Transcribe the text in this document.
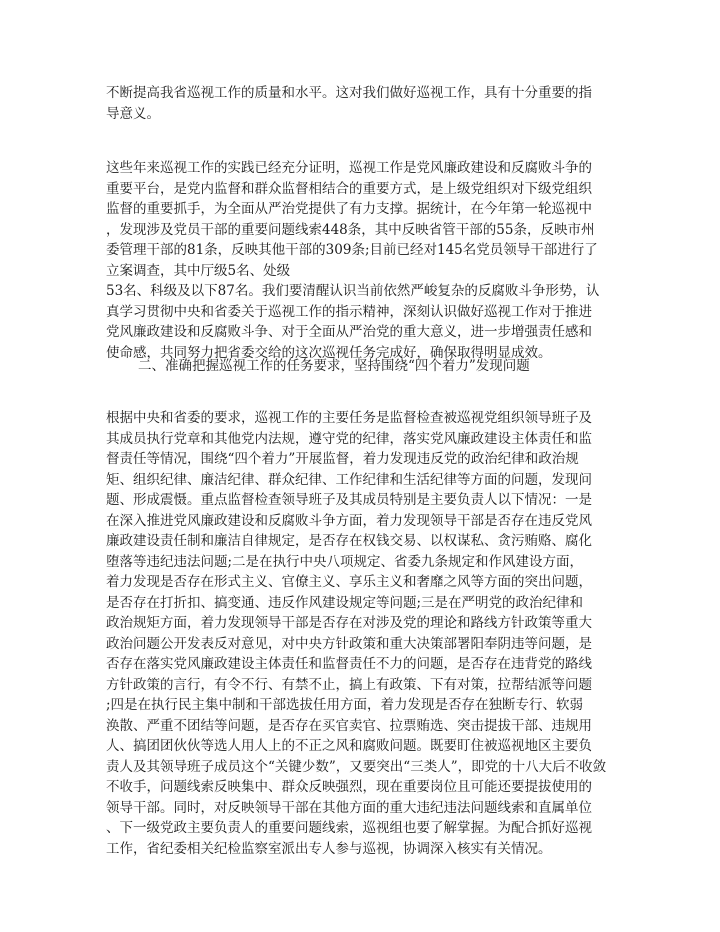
不断提高我省巡视工作的质量和水平。这对我们做好巡视工作，具有十分重要的指
导意义。
这些年来巡视工作的实践已经充分证明，巡视工作是党风廉政建设和反腐败斗争的
重要平台，是党内监督和群众监督相结合的重要方式，是上级党组织对下级党组织
监督的重要抓手，为全面从严治党提供了有力支撑。据统计，在今年第一轮巡视中
，发现涉及党员干部的重要问题线索448条，其中反映省管干部的55条，反映市州
委管理干部的81条，反映其他干部的309条;目前已经对145名党员领导干部进行了
立案调查，其中厅级5名、处级
53名、科级及以下87名。我们要清醒认识当前依然严峻复杂的反腐败斗争形势，认
真学习贯彻中央和省委关于巡视工作的指示精神，深刻认识做好巡视工作对于推进
党风廉政建设和反腐败斗争、对于全面从严治党的重大意义，进一步增强责任感和
使命感，共同努力把省委交给的这次巡视任务完成好，确保取得明显成效。
二、准确把握巡视工作的任务要求，坚持围绕“四个着力”发现问题
根据中央和省委的要求，巡视工作的主要任务是监督检查被巡视党组织领导班子及
其成员执行党章和其他党内法规，遵守党的纪律，落实党风廉政建设主体责任和监
督责任等情况，围绕“四个着力”开展监督，着力发现违反党的政治纪律和政治规
矩、组织纪律、廉洁纪律、群众纪律、工作纪律和生活纪律等方面的问题，发现问
题、形成震慑。重点监督检查领导班子及其成员特别是主要负责人以下情况：一是
在深入推进党风廉政建设和反腐败斗争方面，着力发现领导干部是否存在违反党风
廉政建设责任制和廉洁自律规定，是否存在权钱交易、以权谋私、贪污贿赂、腐化
堕落等违纪违法问题;二是在执行中央八项规定、省委九条规定和作风建设方面，
着力发现是否存在形式主义、官僚主义、享乐主义和奢靡之风等方面的突出问题，
是否存在打折扣、搞变通、违反作风建设规定等问题;三是在严明党的政治纪律和
政治规矩方面，着力发现领导干部是否存在对涉及党的理论和路线方针政策等重大
政治问题公开发表反对意见，对中央方针政策和重大决策部署阳奉阴违等问题，是
否存在落实党风廉政建设主体责任和监督责任不力的问题，是否存在违背党的路线
方针政策的言行，有令不行、有禁不止，搞上有政策、下有对策，拉帮结派等问题
;四是在执行民主集中制和干部选拔任用方面，着力发现是否存在独断专行、软弱
涣散、严重不团结等问题，是否存在买官卖官、拉票贿选、突击提拔干部、违规用
人、搞团团伙伙等选人用人上的不正之风和腐败问题。既要盯住被巡视地区主要负
责人及其领导班子成员这个“关键少数”，又要突出“三类人”，即党的十八大后不收敛
不收手，问题线索反映集中、群众反映强烈，现在重要岗位且可能还要提拔使用的
领导干部。同时，对反映领导干部在其他方面的重大违纪违法问题线索和直属单位
、下一级党政主要负责人的重要问题线索，巡视组也要了解掌握。为配合抓好巡视
工作，省纪委相关纪检监察室派出专人参与巡视，协调深入核实有关情况。
